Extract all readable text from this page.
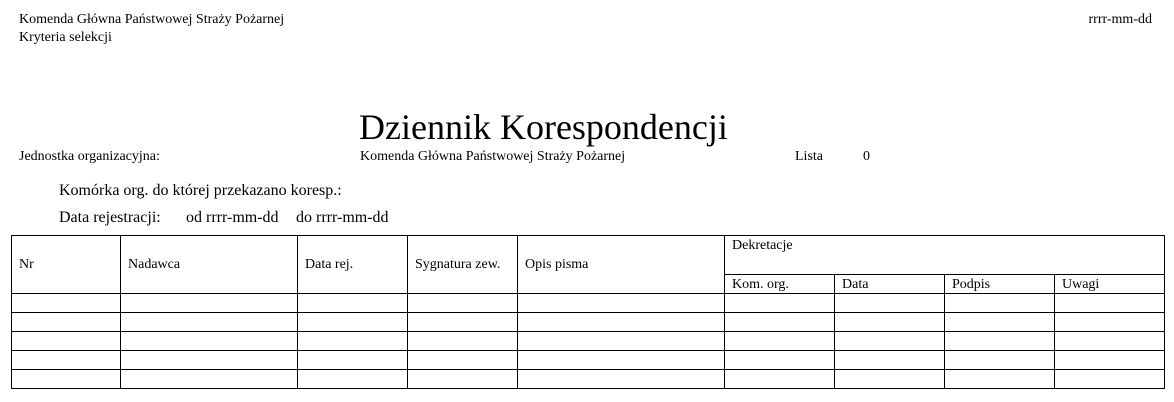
Komenda Główna Państwowej Straży Pożarnej
Kryteria selekcji
rrrr-mm-dd
Dziennik Korespondencji
Jednostka organizacyjna:	Komenda Główna Państwowej Straży Pożarnej	Lista	0
Komórka org. do której przekazano koresp.:
Data rejestracji: od rrrr-mm-dd do rrrr-mm-dd
Nr	Nadawca	Data rej.	Sygnatura zew.	Opis pisma	Dekretacje			
					Kom. org.	Data	Podpis	Uwagi
